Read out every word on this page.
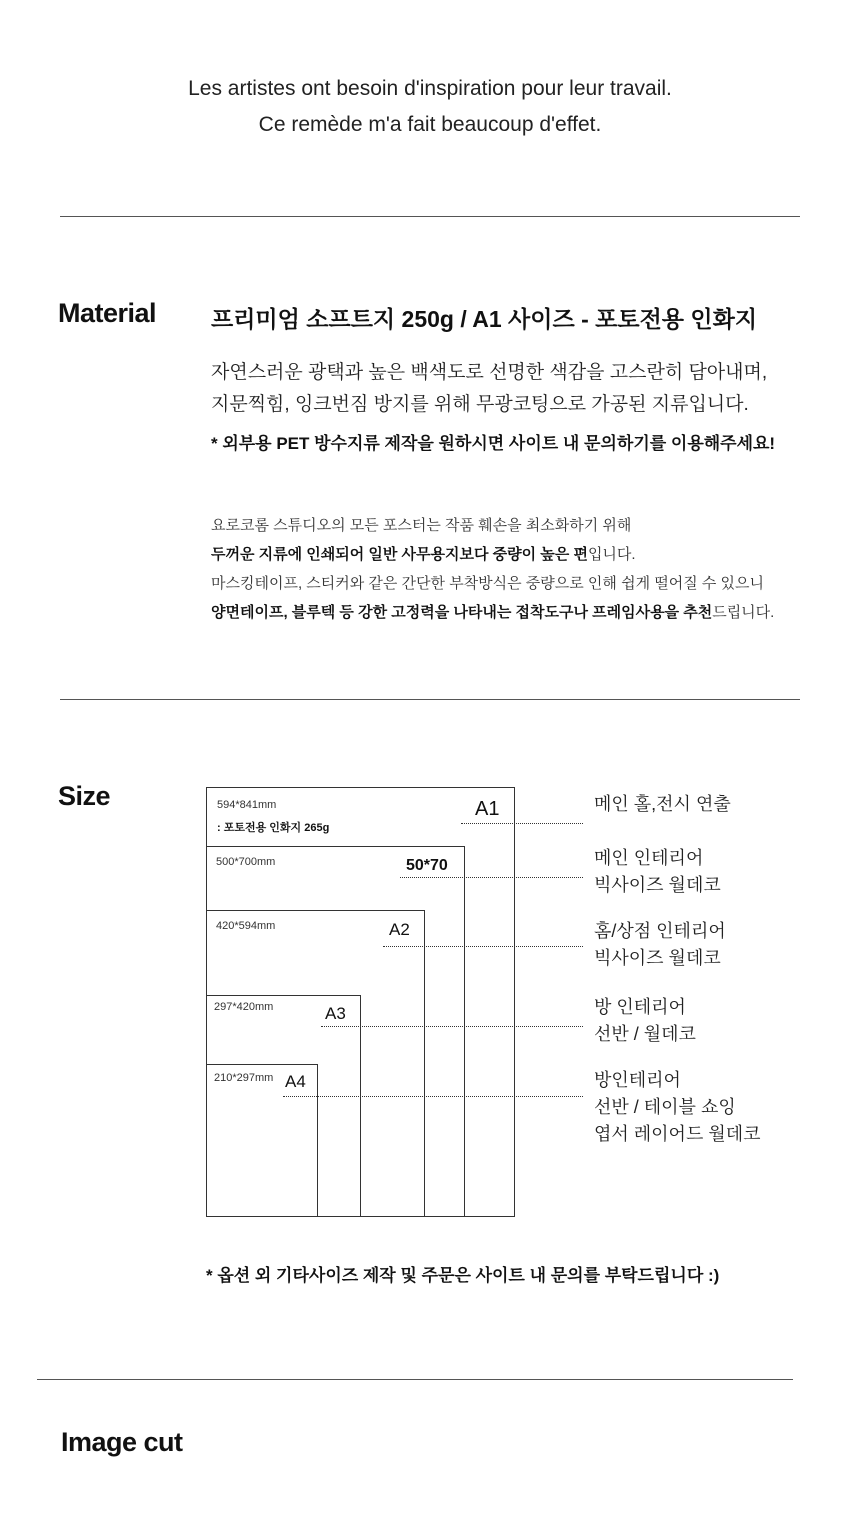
Les artistes ont besoin d'inspiration pour leur travail.
Ce remède m'a fait beaucoup d'effet.
Material 프리미엄 소프트지 250g / A1 사이즈 - 포토전용 인화지
자연스러운 광택과 높은 백색도로 선명한 색감을 고스란히 담아내며,
지문찍힘, 잉크번짐 방지를 위해 무광코팅으로 가공된 지류입니다.
* 외부용 PET 방수지류 제작을 원하시면 사이트 내 문의하기를 이용해주세요!
요로코롬 스튜디오의 모든 포스터는 작품 훼손을 최소화하기 위해
두꺼운 지류에 인쇄되어 일반 사무용지보다 중량이 높은 편입니다.
마스킹테이프, 스티커와 같은 간단한 부착방식은 중량으로 인해 쉽게 떨어질 수 있으니
양면테이프, 블루텍 등 강한 고정력을 나타내는 접착도구나 프레임사용을 추천드립니다.
Size	594*841mm
: 포토전용 인화지 265g
500*700mm
420*594mm
297*420mm
210*297mm
A1
50*70
A2
A3
A4
메인 홀,전시 연출
메인 인테리어
빅사이즈 월데코
홈/상점 인테리어
빅사이즈 월데코
방 인테리어
선반 / 월데코
방인테리어
선반 / 테이블 쇼잉
엽서 레이어드 월데코
* 옵션 외 기타사이즈 제작 및 주문은 사이트 내 문의를 부탁드립니다 :)
Image cut
